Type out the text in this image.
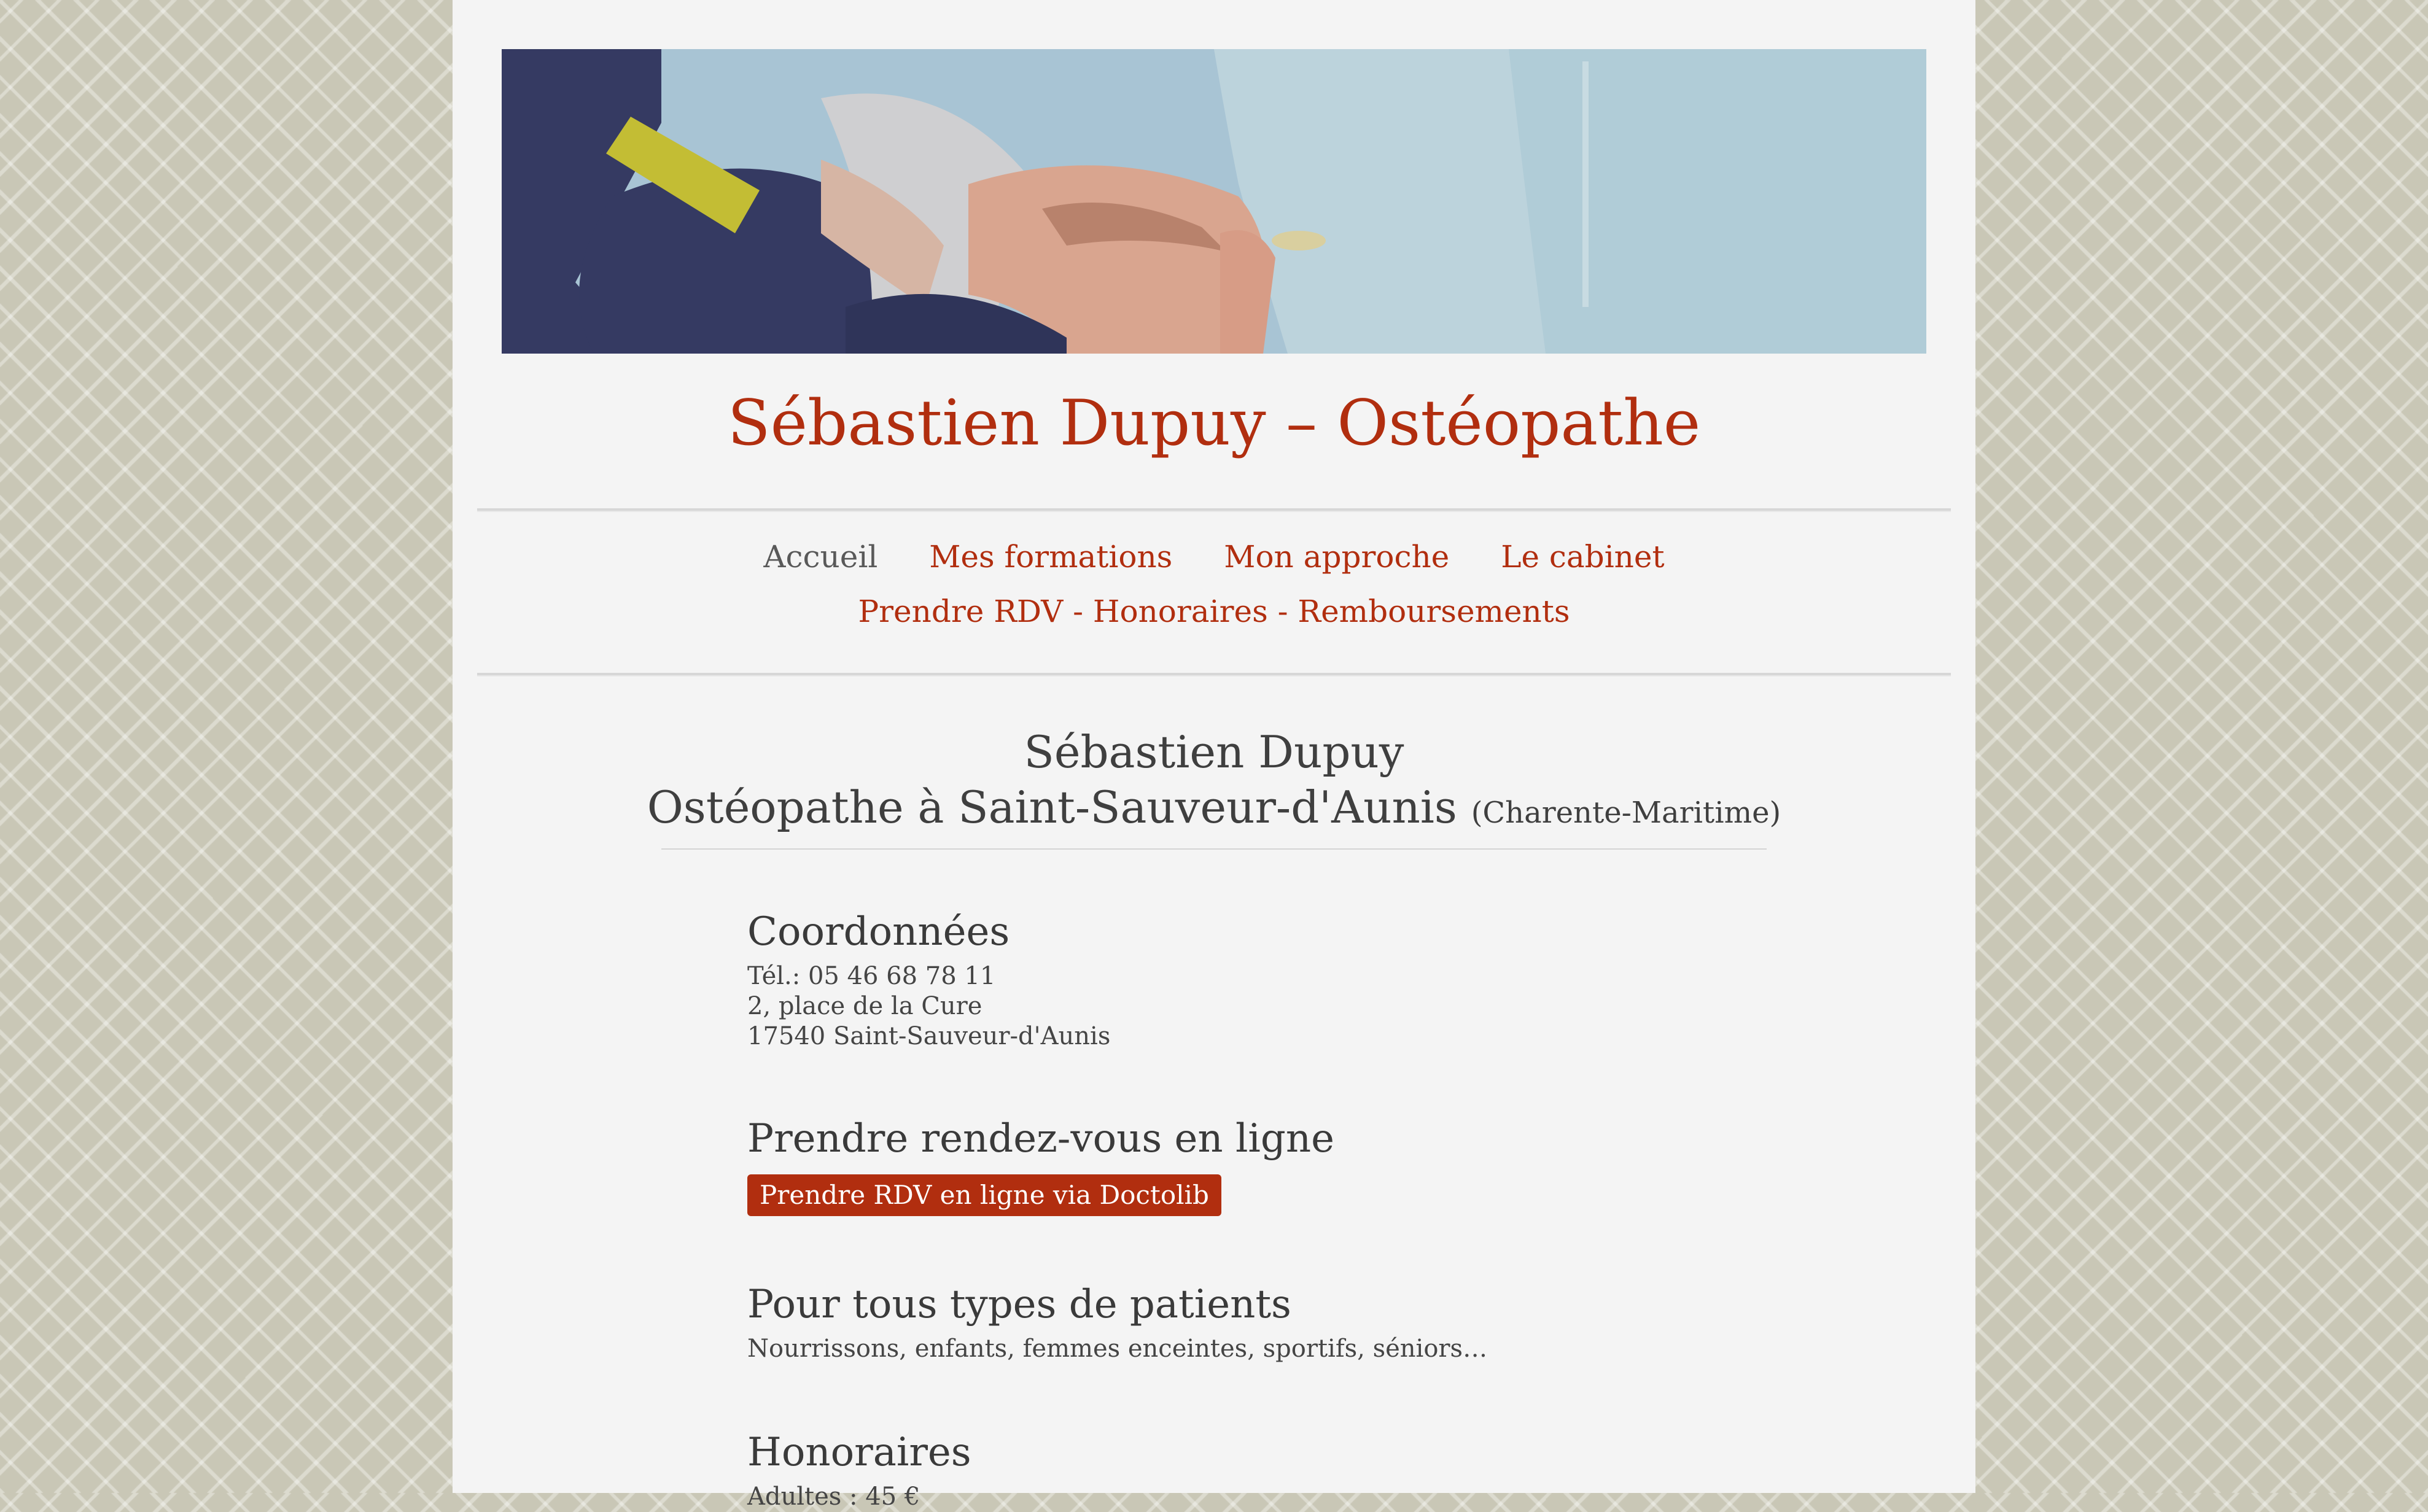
Sébastien Dupuy – Ostéopathe
Accueil Mes formations Mon approche Le cabinet
Prendre RDV - Honoraires - Remboursements
Sébastien Dupuy
Ostéopathe à Saint-Sauveur-d'Aunis (Charente-Maritime)
Coordonnées
Tél.: 05 46 68 78 11
2, place de la Cure
17540 Saint-Sauveur-d'Aunis
Prendre rendez-vous en ligne
Prendre RDV en ligne via Doctolib
Pour tous types de patients
Nourrissons, enfants, femmes enceintes, sportifs, séniors…
Honoraires
Adultes : 45 €
